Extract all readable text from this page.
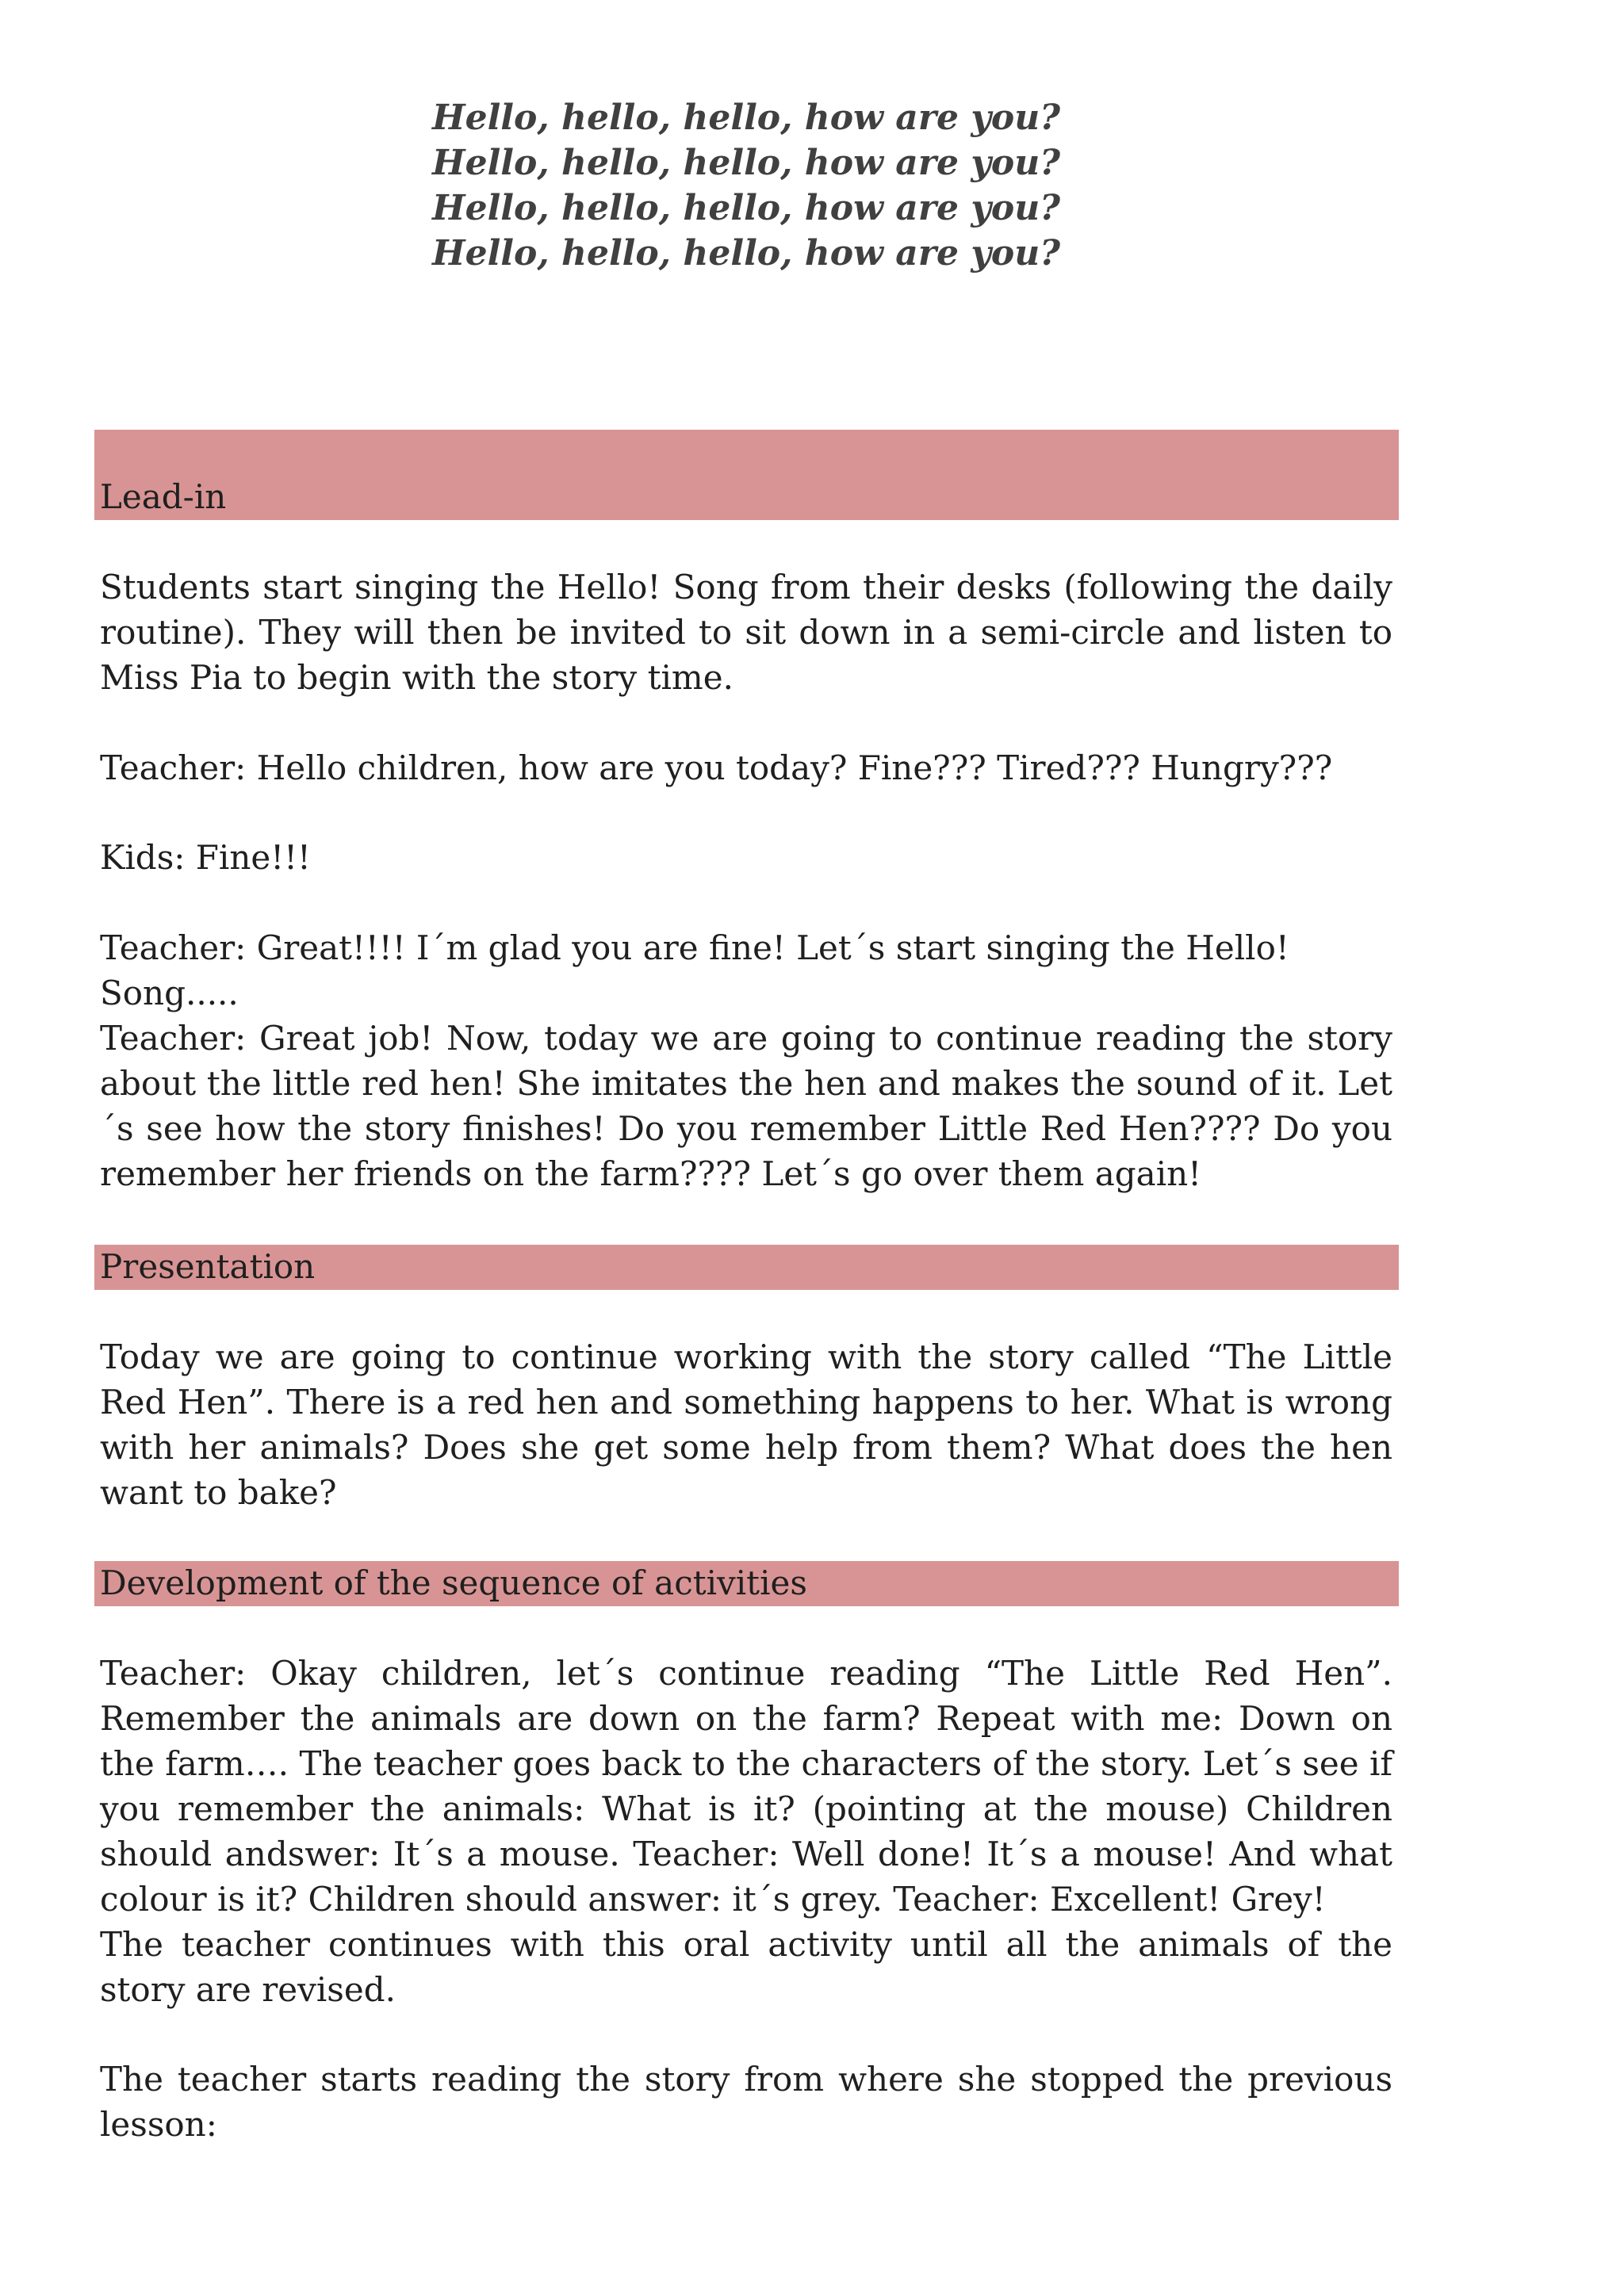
Hello, hello, hello, how are you?
Hello, hello, hello, how are you?
Hello, hello, hello, how are you?
Hello, hello, hello, how are you?
Lead-in

Students start singing the Hello! Song from their desks (following the daily routine). They will then be invited to sit down in a semi-circle and listen to Miss Pia to begin with the story time.

Teacher: Hello children, how are you today? Fine??? Tired??? Hungry???

Kids: Fine!!!

Teacher: Great!!!! I´m glad you are fine! Let´s start singing the Hello! Song.....

Teacher: Great job! Now, today we are going to continue reading the story about the little red hen! She imitates the hen and makes the sound of it. Let´s see how the story finishes! Do you remember Little Red Hen???? Do you remember her friends on the farm???? Let´s go over them again!

Presentation

Today we are going to continue working with the story called “The Little Red Hen”. There is a red hen and something happens to her. What is wrong with her animals? Does she get some help from them? What does the hen want to bake?

Development of the sequence of activities

Teacher: Okay children, let´s continue reading “The Little Red Hen”. Remember the animals are down on the farm? Repeat with me: Down on the farm…. The teacher goes back to the characters of the story. Let´s see if you remember the animals: What is it? (pointing at the mouse) Children should andswer: It´s a mouse. Teacher: Well done! It´s a mouse! And what colour is it? Children should answer: it´s grey. Teacher: Excellent! Grey!

The teacher continues with this oral activity until all the animals of the story are revised.

The teacher starts reading the story from where she stopped the previous lesson:
